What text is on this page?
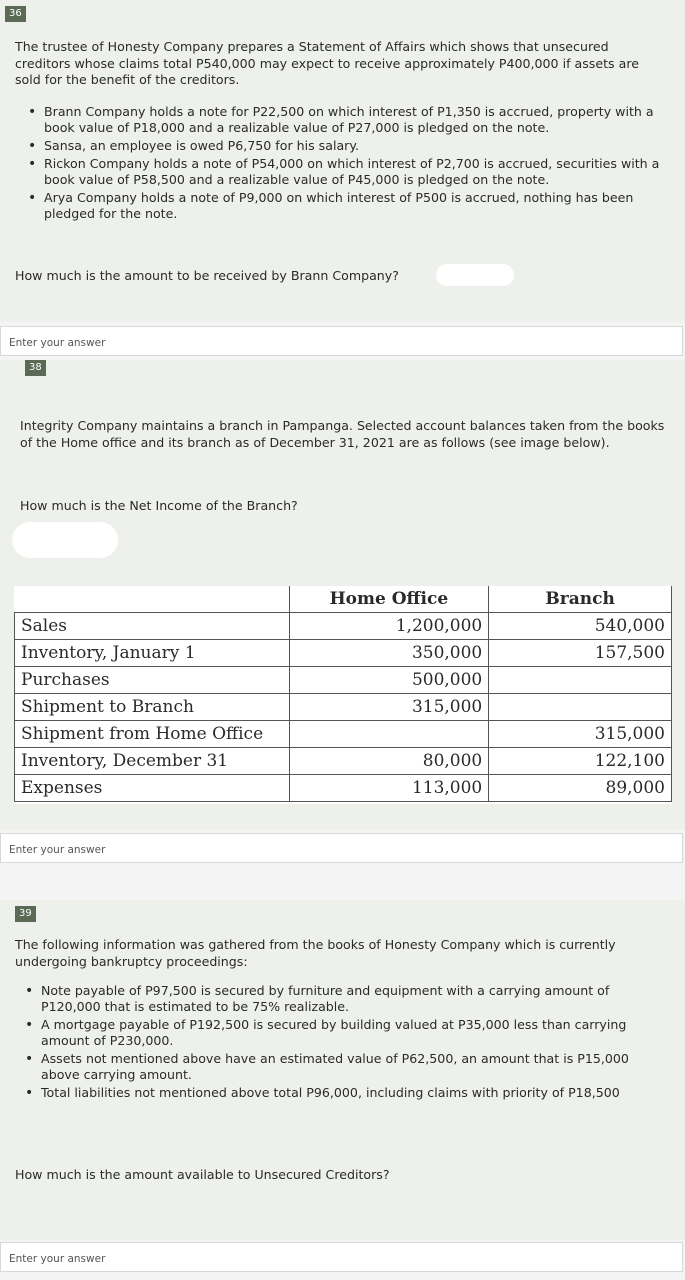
36
The trustee of Honesty Company prepares a Statement of Affairs which shows that unsecured creditors whose claims total P540,000 may expect to receive approximately P400,000 if assets are sold for the benefit of the creditors.
• Brann Company holds a note for P22,500 on which interest of P1,350 is accrued, property with a book value of P18,000 and a realizable value of P27,000 is pledged on the note.
• Sansa, an employee is owed P6,750 for his salary.
• Rickon Company holds a note of P54,000 on which interest of P2,700 is accrued, securities with a book value of P58,500 and a realizable value of P45,000 is pledged on the note.
• Arya Company holds a note of P9,000 on which interest of P500 is accrued, nothing has been pledged for the note.
How much is the amount to be received by Brann Company?
Enter your answer
38
Integrity Company maintains a branch in Pampanga. Selected account balances taken from the books of the Home office and its branch as of December 31, 2021 are as follows (see image below).
How much is the Net Income of the Branch?
	Home Office	Branch
Sales	1,200,000	540,000
Inventory, January 1	350,000	157,500
Purchases	500,000	
Shipment to Branch	315,000	
Shipment from Home Office		315,000
Inventory, December 31	80,000	122,100
Expenses	113,000	89,000
Enter your answer
39
The following information was gathered from the books of Honesty Company which is currently undergoing bankruptcy proceedings:
• Note payable of P97,500 is secured by furniture and equipment with a carrying amount of P120,000 that is estimated to be 75% realizable.
• A mortgage payable of P192,500 is secured by building valued at P35,000 less than carrying amount of P230,000.
• Assets not mentioned above have an estimated value of P62,500, an amount that is P15,000 above carrying amount.
• Total liabilities not mentioned above total P96,000, including claims with priority of P18,500
How much is the amount available to Unsecured Creditors?
Enter your answer
